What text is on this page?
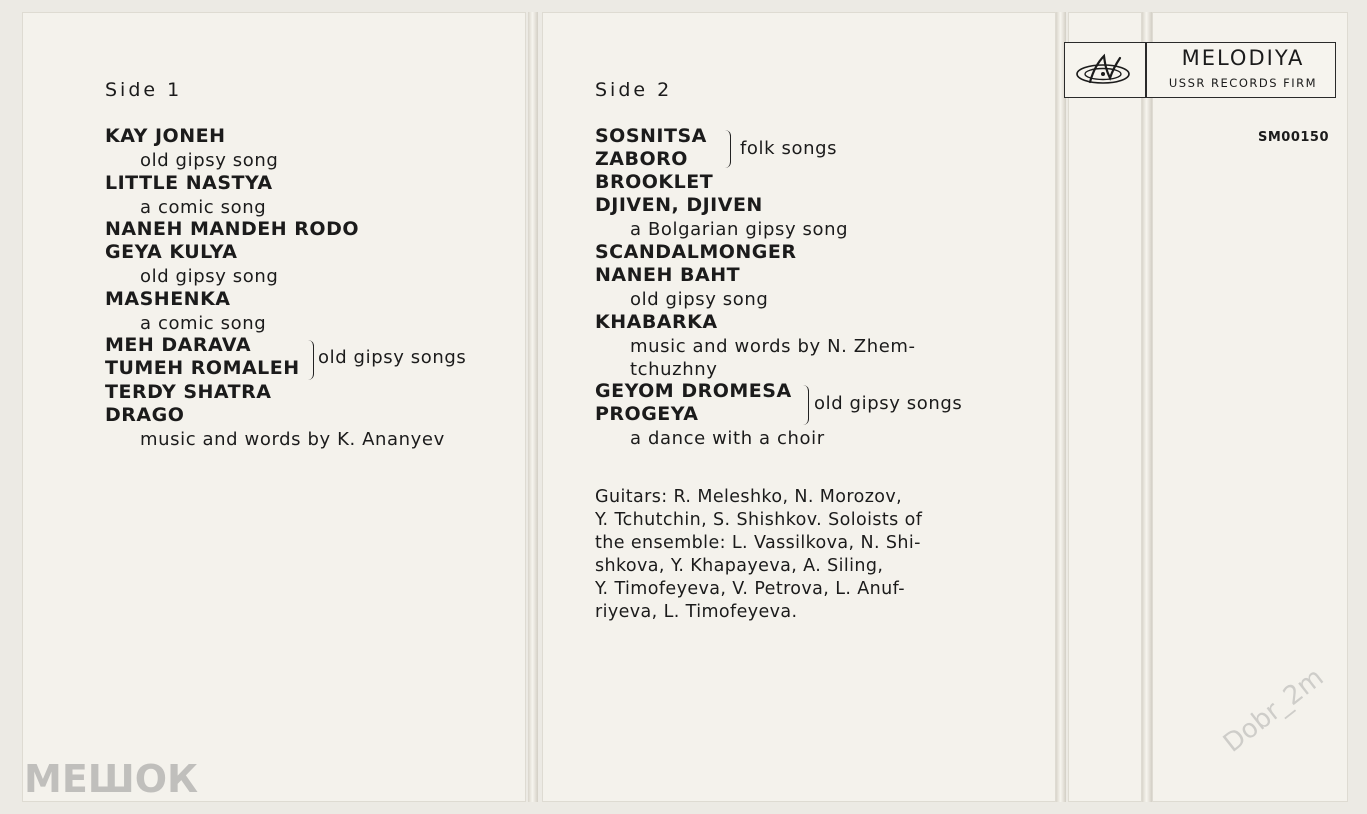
Side 1
KAY JONEH
old gipsy song
LITTLE NASTYA
a comic song
NANEH MANDEH RODO
GEYA KULYA
old gipsy song
MASHENKA
a comic song
MEH DARAVA
TUMEH ROMALEH old gipsy songs
TERDY SHATRA
DRAGO
music and words by K. Ananyev
Side 2
SOSNITSA
ZABORO	folk songs
BROOKLET
DJIVEN, DJIVEN
a Bolgarian gipsy song
SCANDALMONGER
NANEH BAHT
old gipsy song
KHABARKA
music and words by N. Zhem-
tchuzhny
GEYOM DROMESA
PROGEYA	old gipsy songs
a dance with a choir
Guitars: R. Meleshko, N. Morozov,
Y. Tchutchin, S. Shishkov. Soloists of
the ensemble: L. Vassilkova, N. Shi-
shkova, Y. Khapayeva, A. Siling,
Y. Timofeyeva, V. Petrova, L. Anuf-
riyeva, L. Timofeyeva.
MELODIYA
USSR RECORDS FIRM
SM00150
МЕШОК
Dobr_2m
